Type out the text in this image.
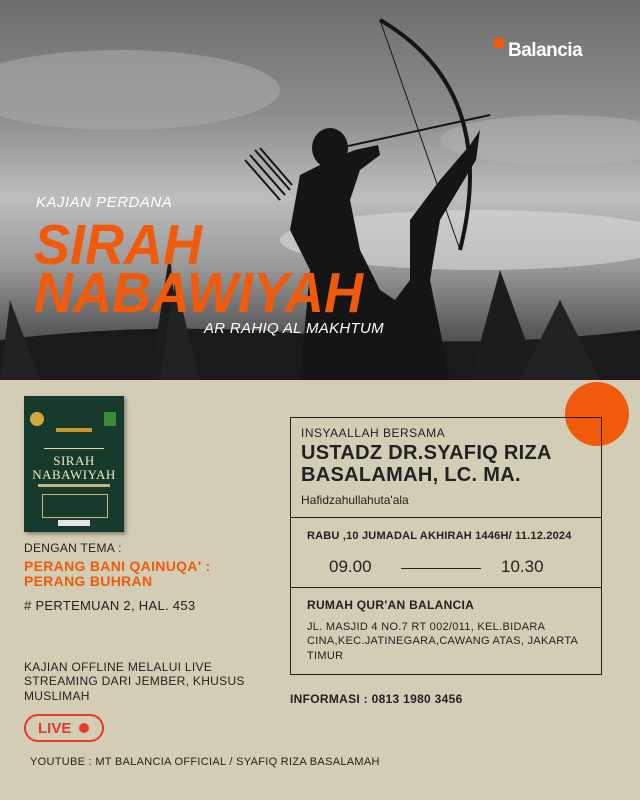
Balancia
KAJIAN PERDANA
SIRAH
NABAWIYAH
AR RAHIQ AL MAKHTUM
SIRAH NABAWIYAH
DENGAN TEMA :
PERANG BANI QAINUQA' :
PERANG BUHRAN
# PERTEMUAN 2, HAL. 453
KAJIAN OFFLINE MELALUI LIVE STREAMING DARI JEMBER, KHUSUS MUSLIMAH
LIVE
INSYAALLAH BERSAMA
USTADZ DR.SYAFIQ RIZA
BASALAMAH, LC. MA.
Hafidzahullahuta'ala
RABU ,10 JUMADAL AKHIRAH 1446H/ 11.12.2024
09.00	10.30
RUMAH QUR'AN BALANCIA
JL. MASJID 4 NO.7 RT 002/011, KEL.BIDARA CINA,KEC.JATINEGARA,CAWANG ATAS, JAKARTA TIMUR
INFORMASI : 0813 1980 3456
YOUTUBE : MT BALANCIA OFFICIAL / SYAFIQ RIZA BASALAMAH
